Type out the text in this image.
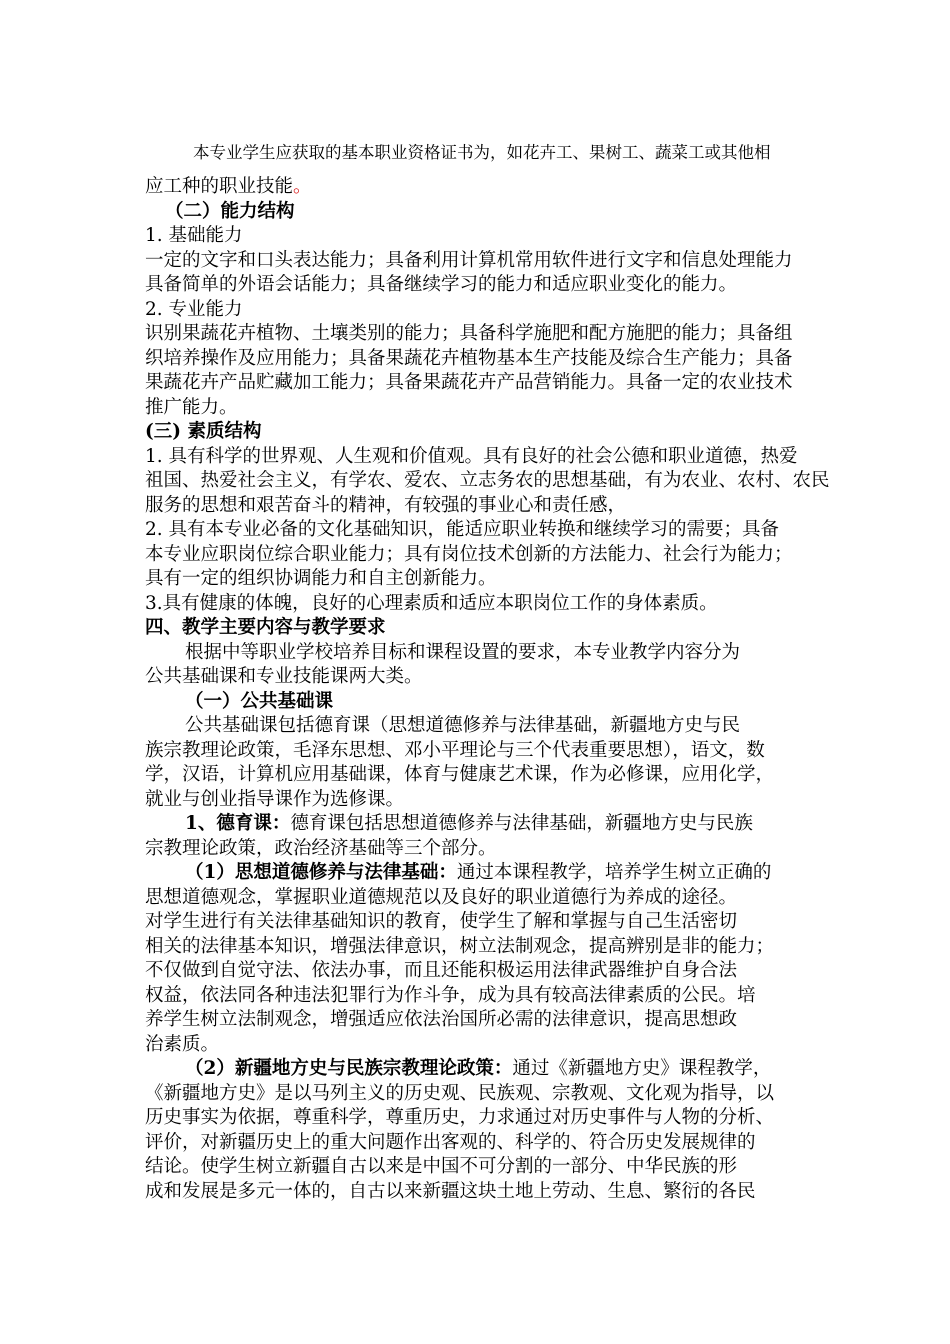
本专业学生应获取的基本职业资格证书为，如花卉工、果树工、蔬菜工或其他相
应工种的职业技能。
（二）能力结构
1. 基础能力
一定的文字和口头表达能力；具备利用计算机常用软件进行文字和信息处理能力
具备简单的外语会话能力；具备继续学习的能力和适应职业变化的能力。
2. 专业能力
识别果蔬花卉植物、土壤类别的能力；具备科学施肥和配方施肥的能力；具备组
织培养操作及应用能力；具备果蔬花卉植物基本生产技能及综合生产能力；具备
果蔬花卉产品贮藏加工能力；具备果蔬花卉产品营销能力。具备一定的农业技术
推广能力。
(三) 素质结构
1. 具有科学的世界观、人生观和价值观。具有良好的社会公德和职业道德，热爱
祖国、热爱社会主义，有学农、爱农、立志务农的思想基础，有为农业、农村、农民
服务的思想和艰苦奋斗的精神，有较强的事业心和责任感，
2. 具有本专业必备的文化基础知识，能适应职业转换和继续学习的需要；具备
本专业应职岗位综合职业能力；具有岗位技术创新的方法能力、社会行为能力；
具有一定的组织协调能力和自主创新能力。
3.具有健康的体魄，良好的心理素质和适应本职岗位工作的身体素质。
四、教学主要内容与教学要求
根据中等职业学校培养目标和课程设置的要求，本专业教学内容分为
公共基础课和专业技能课两大类。
（一）公共基础课
公共基础课包括德育课（思想道德修养与法律基础，新疆地方史与民
族宗教理论政策，毛泽东思想、邓小平理论与三个代表重要思想），语文，数
学，汉语，计算机应用基础课，体育与健康艺术课，作为必修课，应用化学，
就业与创业指导课作为选修课。
1、德育课：德育课包括思想道德修养与法律基础，新疆地方史与民族
宗教理论政策，政治经济基础等三个部分。
（1）思想道德修养与法律基础：通过本课程教学，培养学生树立正确的
思想道德观念，掌握职业道德规范以及良好的职业道德行为养成的途径。
对学生进行有关法律基础知识的教育，使学生了解和掌握与自己生活密切
相关的法律基本知识，增强法律意识，树立法制观念，提高辨别是非的能力；
不仅做到自觉守法、依法办事，而且还能积极运用法律武器维护自身合法
权益，依法同各种违法犯罪行为作斗争，成为具有较高法律素质的公民。培
养学生树立法制观念，增强适应依法治国所必需的法律意识，提高思想政
治素质。
（2）新疆地方史与民族宗教理论政策：通过《新疆地方史》课程教学，
《新疆地方史》是以马列主义的历史观、民族观、宗教观、文化观为指导，以
历史事实为依据，尊重科学，尊重历史，力求通过对历史事件与人物的分析、
评价，对新疆历史上的重大问题作出客观的、科学的、符合历史发展规律的
结论。使学生树立新疆自古以来是中国不可分割的一部分、中华民族的形
成和发展是多元一体的，自古以来新疆这块土地上劳动、生息、繁衍的各民
